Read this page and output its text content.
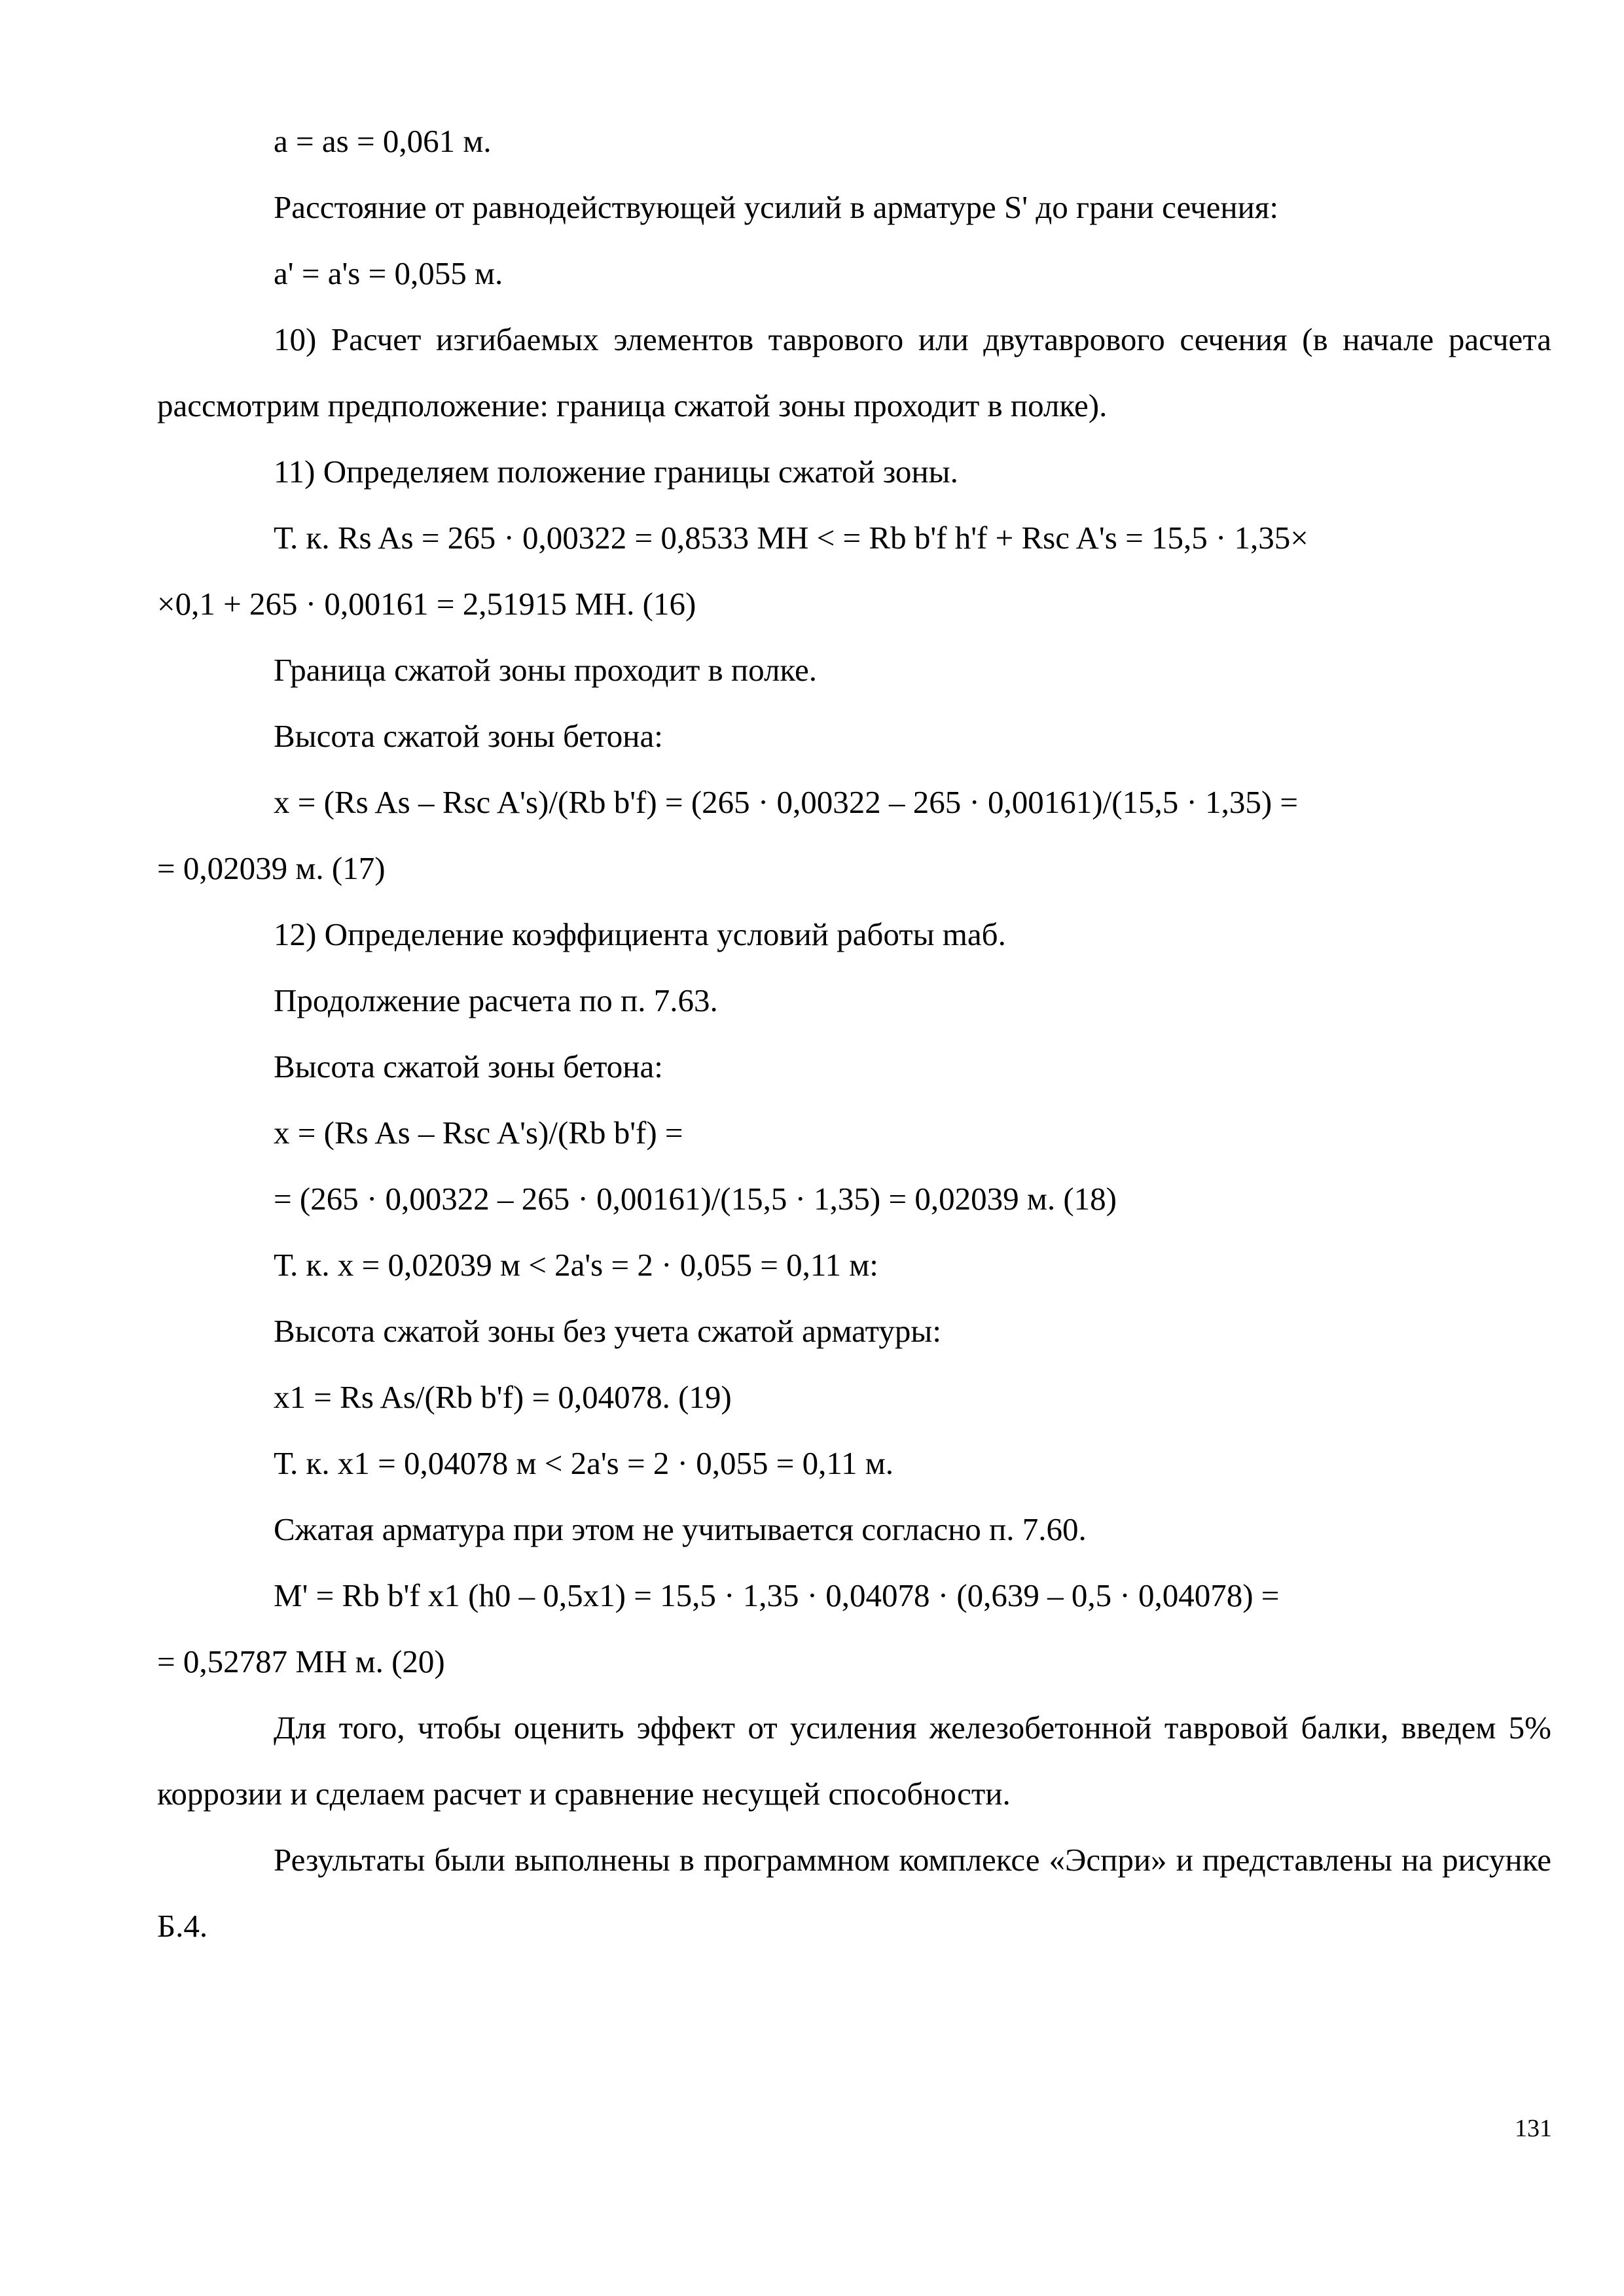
a = as = 0,061 м.
Расстояние от равнодействующей усилий в арматуре S' до грани сечения:
a' = a's = 0,055 м.

10) Расчет изгибаемых элементов таврового или двутаврового сечения (в начале расчета рассмотрим предположение: граница сжатой зоны проходит в полке).

11) Определяем положение границы сжатой зоны.
Т. к. Rs As = 265 · 0,00322 = 0,8533 МН < = Rb b'f h'f + Rsc A's = 15,5 · 1,35×
×0,1 + 265 · 0,00161 = 2,51915 МН. (16)
Граница сжатой зоны проходит в полке.
Высота сжатой зоны бетона:
x = (Rs As – Rsc A's)/(Rb b'f) = (265 · 0,00322 – 265 · 0,00161)/(15,5 · 1,35) =
= 0,02039 м. (17)
12) Определение коэффициента условий работы mаб.
Продолжение расчета по п. 7.63.
Высота сжатой зоны бетона:
x = (Rs As – Rsc A's)/(Rb b'f) =
= (265 · 0,00322 – 265 · 0,00161)/(15,5 · 1,35) = 0,02039 м. (18)
Т. к. x = 0,02039 м < 2a's = 2 · 0,055 = 0,11 м:
Высота сжатой зоны без учета сжатой арматуры:
x1 = Rs As/(Rb b'f) = 0,04078. (19)
Т. к. x1 = 0,04078 м < 2a's = 2 · 0,055 = 0,11 м.
Сжатая арматура при этом не учитывается согласно п. 7.60.
M' = Rb b'f x1 (h0 – 0,5x1) = 15,5 · 1,35 · 0,04078 · (0,639 – 0,5 · 0,04078) =
= 0,52787 МН м. (20)

Для того, чтобы оценить эффект от усиления железобетонной тавровой балки, введем 5% коррозии и сделаем расчет и сравнение несущей способности.

Результаты были выполнены в программном комплексе «Эспри» и представлены на рисунке Б.4.

131
